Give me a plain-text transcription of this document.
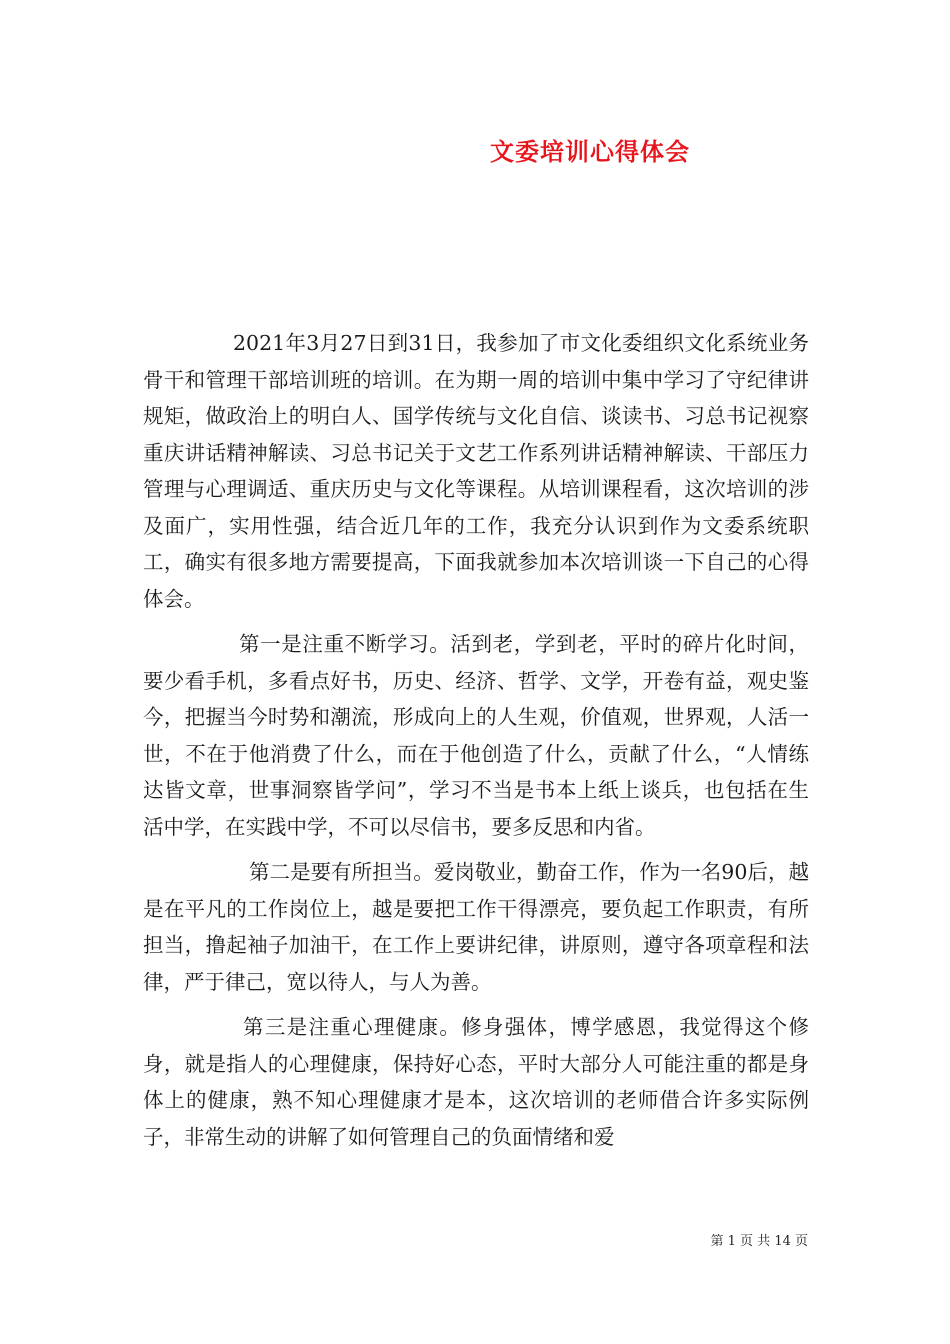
文委培训心得体会

2021年3月27日到31日，我参加了市文化委组织文化系统业务骨干和管理干部培训班的培训。在为期一周的培训中集中学习了守纪律讲规矩，做政治上的明白人、国学传统与文化自信、谈读书、习总书记视察重庆讲话精神解读、习总书记关于文艺工作系列讲话精神解读、干部压力管理与心理调适、重庆历史与文化等课程。从培训课程看，这次培训的涉及面广，实用性强，结合近几年的工作，我充分认识到作为文委系统职工，确实有很多地方需要提高，下面我就参加本次培训谈一下自己的心得体会。

第一是注重不断学习。活到老，学到老，平时的碎片化时间，要少看手机，多看点好书，历史、经济、哲学、文学，开卷有益，观史鉴今，把握当今时势和潮流，形成向上的人生观，价值观，世界观，人活一世，不在于他消费了什么，而在于他创造了什么，贡献了什么，“人情练达皆文章，世事洞察皆学问”，学习不当是书本上纸上谈兵，也包括在生活中学，在实践中学，不可以尽信书，要多反思和内省。

第二是要有所担当。爱岗敬业，勤奋工作，作为一名90后，越是在平凡的工作岗位上，越是要把工作干得漂亮，要负起工作职责，有所担当，撸起袖子加油干，在工作上要讲纪律，讲原则，遵守各项章程和法律，严于律己，宽以待人，与人为善。

第三是注重心理健康。修身强体，博学感恩，我觉得这个修身，就是指人的心理健康，保持好心态，平时大部分人可能注重的都是身体上的健康，熟不知心理健康才是本，这次培训的老师借合许多实际例子，非常生动的讲解了如何管理自己的负面情绪和爱

第 1 页 共 14 页
